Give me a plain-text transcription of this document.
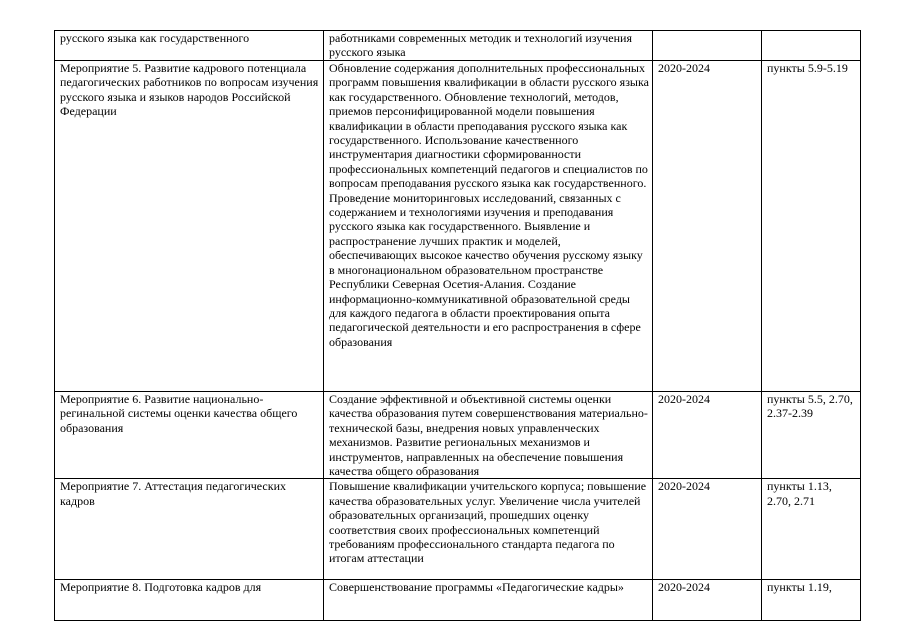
русского языка как государственного	работниками современных методик и технологий изучения русского языка		

Мероприятие 5. Развитие кадрового потенциала педагогических работников по вопросам изучения русского языка и языков народов Российской Федерации	Обновление содержания дополнительных профессиональных программ повышения квалификации в области русского языка как государственного. Обновление технологий, методов, приемов персонифицированной модели повышения квалификации в области преподавания русского языка как государственного. Использование качественного инструментария диагностики сформированности профессиональных компетенций педагогов и специалистов по вопросам преподавания русского языка как государственного. Проведение мониторинговых исследований, связанных с содержанием и технологиями изучения и преподавания русского языка как государственного. Выявление и распространение лучших практик и моделей, обеспечивающих высокое качество обучения русскому языку в многонациональном образовательном пространстве Республики Северная Осетия-Алания. Создание информационно-коммуникативной образовательной среды для каждого педагога в области проектирования опыта педагогической деятельности и его распространения в сфере образования	2020-2024	пункты 5.9-5.19

Мероприятие 6. Развитие национально-регинальной системы оценки качества общего образования	Создание эффективной и объективной системы оценки качества образования путем совершенствования материально-технической базы, внедрения новых управленческих механизмов. Развитие региональных механизмов и инструментов, направленных на обеспечение повышения качества общего образования	2020-2024	пункты 5.5, 2.70, 2.37-2.39

Мероприятие 7. Аттестация педагогических кадров	Повышение квалификации учительского корпуса; повышение качества образовательных услуг. Увеличение числа учителей образовательных организаций, прошедших оценку соответствия своих профессиональных компетенций требованиям профессионального стандарта педагога по итогам аттестации	2020-2024	пункты 1.13, 2.70, 2.71

Мероприятие 8. Подготовка кадров для	Совершенствование программы «Педагогические кадры»	2020-2024	пункты 1.19,
